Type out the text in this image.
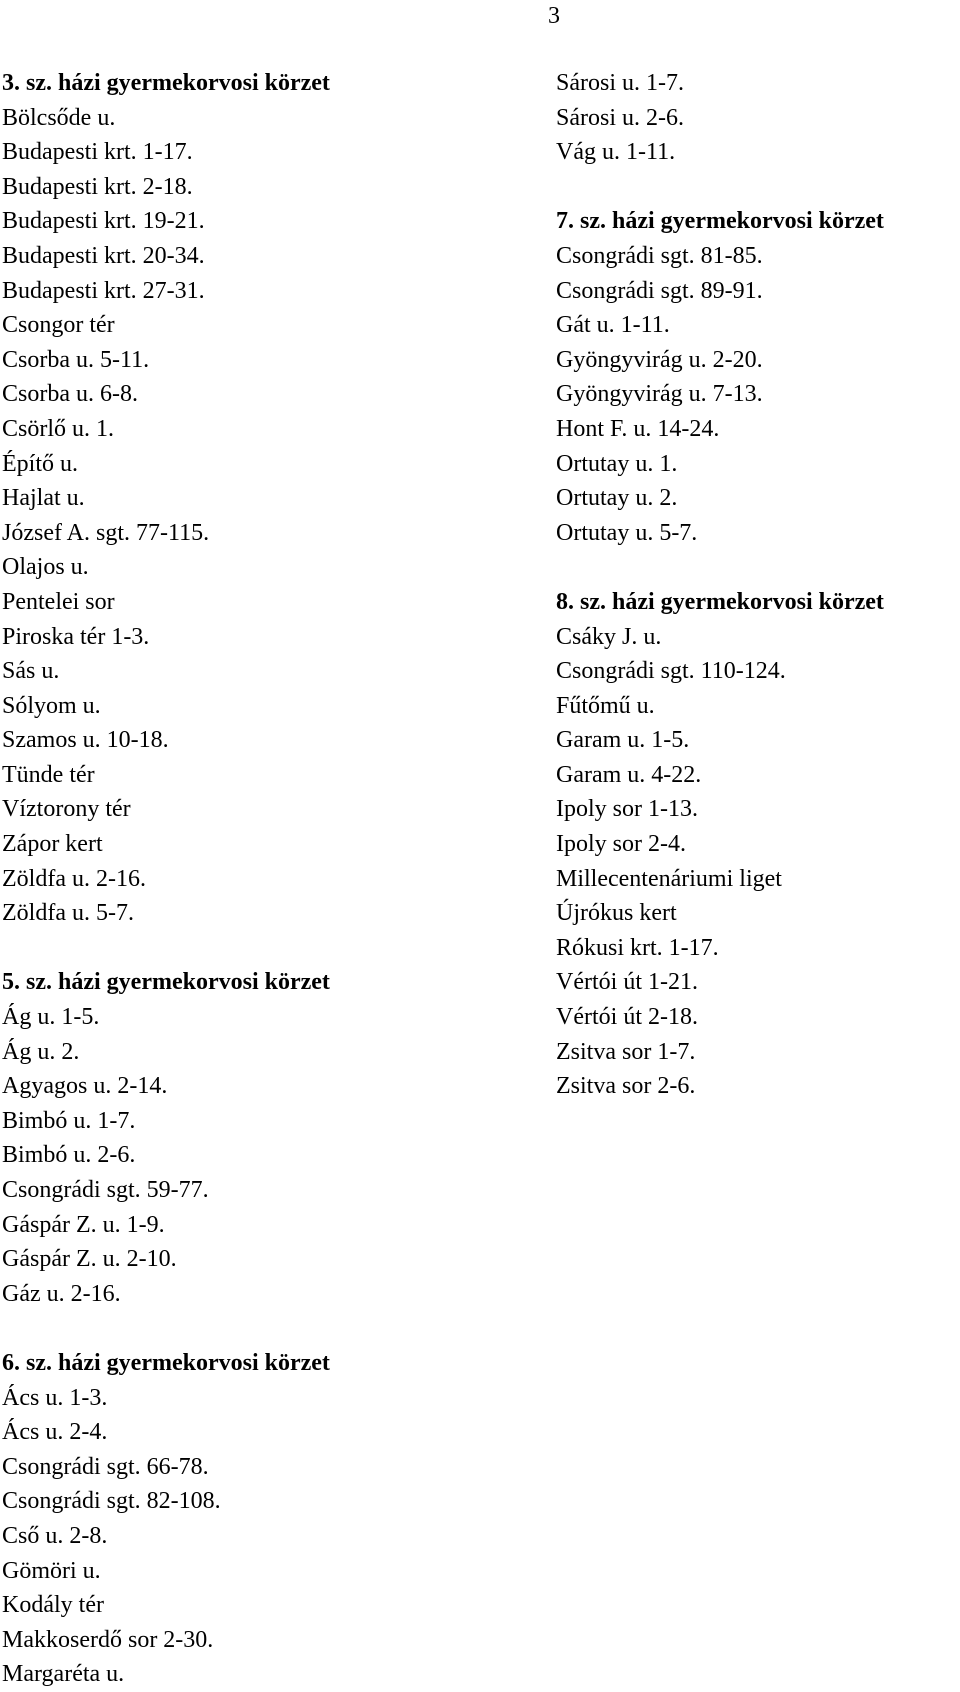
3
3. sz. házi gyermekorvosi körzet
Bölcsőde u.
Budapesti krt. 1-17.
Budapesti krt. 2-18.
Budapesti krt. 19-21.
Budapesti krt. 20-34.
Budapesti krt. 27-31.
Csongor tér
Csorba u. 5-11.
Csorba u. 6-8.
Csörlő u. 1.
Építő u.
Hajlat u.
József A. sgt. 77-115.
Olajos u.
Pentelei sor
Piroska tér 1-3.
Sás u.
Sólyom u.
Szamos u. 10-18.
Tünde tér
Víztorony tér
Zápor kert
Zöldfa u. 2-16.
Zöldfa u. 5-7.
5. sz. házi gyermekorvosi körzet
Ág u. 1-5.
Ág u. 2.
Agyagos u. 2-14.
Bimbó u. 1-7.
Bimbó u. 2-6.
Csongrádi sgt. 59-77.
Gáspár Z. u. 1-9.
Gáspár Z. u. 2-10.
Gáz u. 2-16.
6. sz. házi gyermekorvosi körzet
Ács u. 1-3.
Ács u. 2-4.
Csongrádi sgt. 66-78.
Csongrádi sgt. 82-108.
Cső u. 2-8.
Gömöri u.
Kodály tér
Makkoserdő sor 2-30.
Margaréta u.
Sárosi u. 1-7.
Sárosi u. 2-6.
Vág u. 1-11.
7. sz. házi gyermekorvosi körzet
Csongrádi sgt. 81-85.
Csongrádi sgt. 89-91.
Gát u. 1-11.
Gyöngyvirág u. 2-20.
Gyöngyvirág u. 7-13.
Hont F. u. 14-24.
Ortutay u. 1.
Ortutay u. 2.
Ortutay u. 5-7.
8. sz. házi gyermekorvosi körzet
Csáky J. u.
Csongrádi sgt. 110-124.
Fűtőmű u.
Garam u. 1-5.
Garam u. 4-22.
Ipoly sor 1-13.
Ipoly sor 2-4.
Millecentenáriumi liget
Újrókus kert
Rókusi krt. 1-17.
Vértói út 1-21.
Vértói út 2-18.
Zsitva sor 1-7.
Zsitva sor 2-6.
